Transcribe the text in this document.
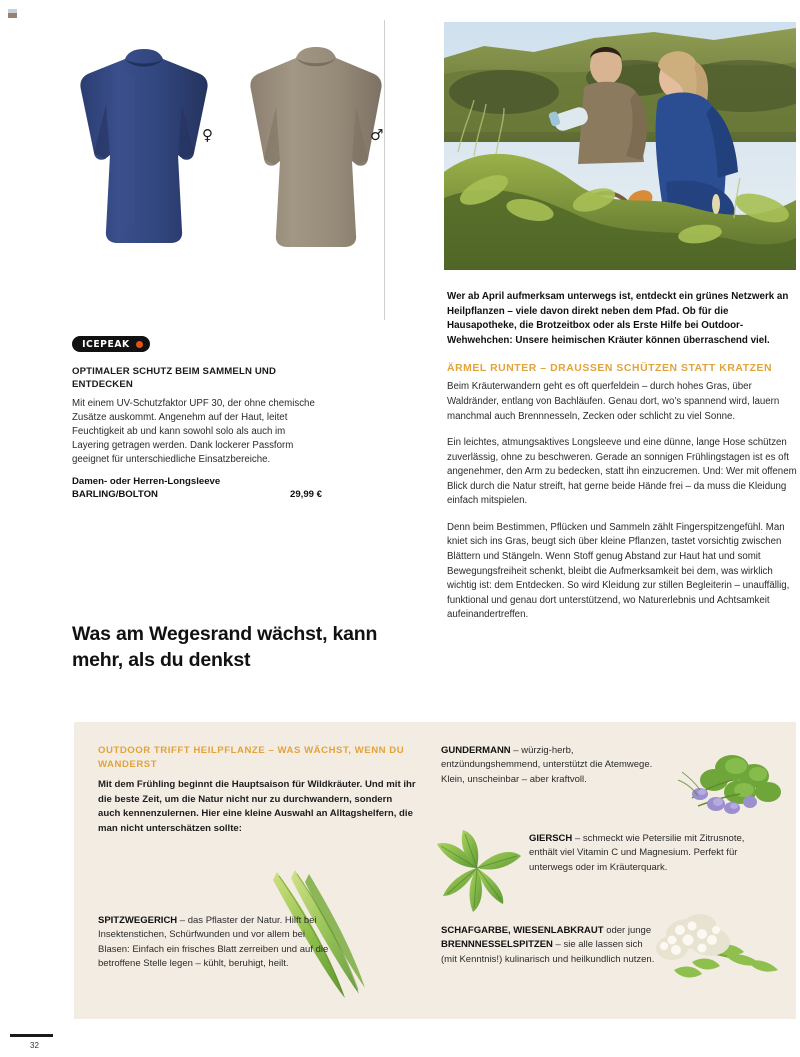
♀	♂
ICEPEAK
OPTIMALER SCHUTZ BEIM SAMMELN UND ENTDECKEN
Mit einem UV-Schutzfaktor UPF 30, der ohne chemische Zusätze auskommt. Angenehm auf der Haut, leitet Feuchtigkeit ab und kann sowohl solo als auch im Layering getragen werden. Dank lockerer Passform geeignet für unterschiedliche Einsatzbereiche.
Damen- oder Herren-Longsleeve
BARLING/BOLTON	29,99 €
Was am Wegesrand wächst, kann mehr, als du denkst
Wer ab April aufmerksam unterwegs ist, entdeckt ein grünes Netzwerk an Heilpflanzen – viele davon direkt neben dem Pfad. Ob für die Hausapotheke, die Brotzeitbox oder als Erste Hilfe bei Outdoor-Wehwehchen: Unsere heimischen Kräuter können überraschend viel.
ÄRMEL RUNTER – DRAUSSEN SCHÜTZEN STATT KRATZEN
Beim Kräuterwandern geht es oft querfeldein – durch hohes Gras, über Waldränder, entlang von Bachläufen. Genau dort, wo’s spannend wird, lauern manchmal auch Brennnesseln, Zecken oder schlicht zu viel Sonne.
Ein leichtes, atmungsaktives Longsleeve und eine dünne, lange Hose schützen zuverlässig, ohne zu beschweren. Gerade an sonnigen Frühlingstagen ist es oft angenehmer, den Arm zu bedecken, statt ihn einzucremen. Und: Wer mit offenem Blick durch die Natur streift, hat gerne beide Hände frei – da muss die Kleidung einfach mitspielen.
Denn beim Bestimmen, Pflücken und Sammeln zählt Fingerspitzengefühl. Man kniet sich ins Gras, beugt sich über kleine Pflanzen, tastet vorsichtig zwischen Blättern und Stängeln. Wenn Stoff genug Abstand zur Haut hat und somit Bewegungsfreiheit schenkt, bleibt die Aufmerksamkeit bei dem, was wirklich wichtig ist: dem Entdecken. So wird Kleidung zur stillen Begleiterin – unauffällig, funktional und genau dort unterstützend, wo Naturerlebnis und Achtsamkeit aufeinandertreffen.
OUTDOOR TRIFFT HEILPFLANZE – WAS WÄCHST, WENN DU WANDERST
Mit dem Frühling beginnt die Hauptsaison für Wildkräuter. Und mit ihr die beste Zeit, um die Natur nicht nur zu durchwandern, sondern auch kennenzulernen. Hier eine kleine Auswahl an Alltagshelfern, die man nicht unterschätzen sollte:
SPITZWEGERICH – das Pflaster der Natur. Hilft bei Insektenstichen, Schürfwunden und vor allem bei Blasen: Einfach ein frisches Blatt zerreiben und auf die betroffene Stelle legen – kühlt, beruhigt, heilt.
GUNDERMANN – würzig-herb, entzündungshemmend, unterstützt die Atemwege. Klein, unscheinbar – aber kraftvoll.
GIERSCH – schmeckt wie Petersilie mit Zitrusnote, enthält viel Vitamin C und Magnesium. Perfekt für unterwegs oder im Kräuterquark.
SCHAFGARBE, WIESENLABKRAUT oder junge BRENNNESSELSPITZEN – sie alle lassen sich (mit Kenntnis!) kulinarisch und heilkundlich nutzen.
32
